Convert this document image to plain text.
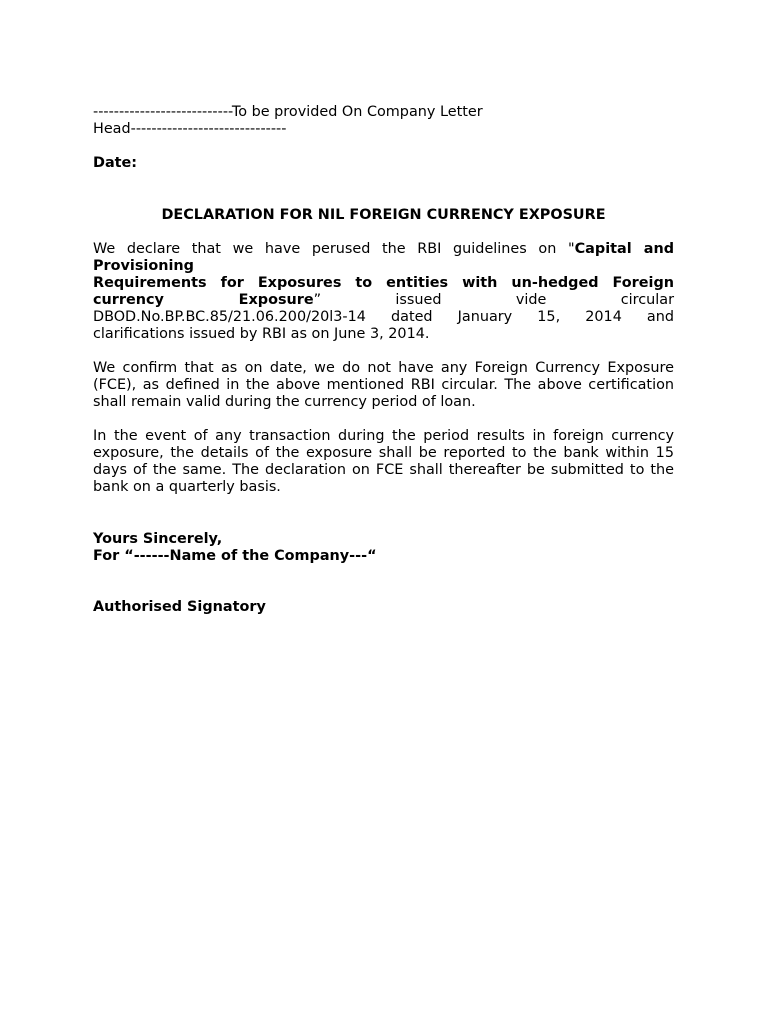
---------------------------To be provided On Company Letter
Head------------------------------
Date:
DECLARATION FOR NIL FOREIGN CURRENCY EXPOSURE
We declare that we have perused the RBI guidelines on "Capital and Provisioning
Requirements for Exposures to entities with un-hedged Foreign
currency Exposure” issued vide circular
DBOD.No.BP.BC.85/21.06.200/20l3-14 dated January 15, 2014 and
clarifications issued by RBI as on June 3, 2014.
We confirm that as on date, we do not have any Foreign Currency Exposure (FCE), as defined in the above mentioned RBI circular. The above certification shall remain valid during the currency period of loan.
In the event of any transaction during the period results in foreign currency exposure, the details of the exposure shall be reported to the bank within 15 days of the same. The declaration on FCE shall thereafter be submitted to the bank on a quarterly basis.
Yours Sincerely,
For “------Name of the Company---“
Authorised Signatory
